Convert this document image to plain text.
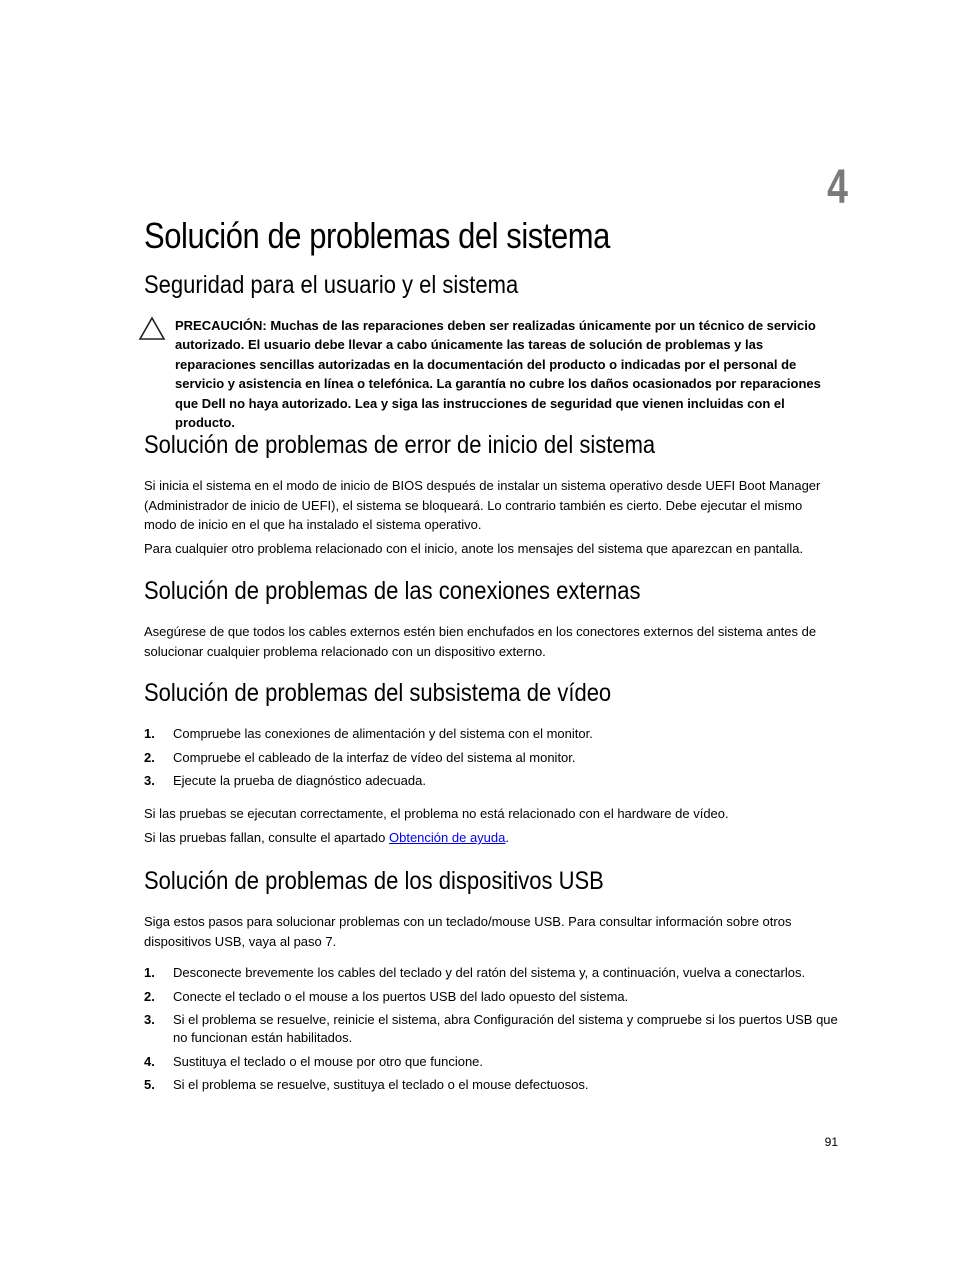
4
Solución de problemas del sistema
Seguridad para el usuario y el sistema
PRECAUCIÓN: Muchas de las reparaciones deben ser realizadas únicamente por un técnico de servicio autorizado. El usuario debe llevar a cabo únicamente las tareas de solución de problemas y las reparaciones sencillas autorizadas en la documentación del producto o indicadas por el personal de servicio y asistencia en línea o telefónica. La garantía no cubre los daños ocasionados por reparaciones que Dell no haya autorizado. Lea y siga las instrucciones de seguridad que vienen incluidas con el producto.
Solución de problemas de error de inicio del sistema

Si inicia el sistema en el modo de inicio de BIOS después de instalar un sistema operativo desde UEFI Boot Manager (Administrador de inicio de UEFI), el sistema se bloqueará. Lo contrario también es cierto. Debe ejecutar el mismo modo de inicio en el que ha instalado el sistema operativo.

Para cualquier otro problema relacionado con el inicio, anote los mensajes del sistema que aparezcan en pantalla.

Solución de problemas de las conexiones externas

Asegúrese de que todos los cables externos estén bien enchufados en los conectores externos del sistema antes de solucionar cualquier problema relacionado con un dispositivo externo.

Solución de problemas del subsistema de vídeo
1. Compruebe las conexiones de alimentación y del sistema con el monitor.
2. Compruebe el cableado de la interfaz de vídeo del sistema al monitor.
3. Ejecute la prueba de diagnóstico adecuada.

Si las pruebas se ejecutan correctamente, el problema no está relacionado con el hardware de vídeo.

Si las pruebas fallan, consulte el apartado Obtención de ayuda.

Solución de problemas de los dispositivos USB

Siga estos pasos para solucionar problemas con un teclado/mouse USB. Para consultar información sobre otros dispositivos USB, vaya al paso 7.

1. Desconecte brevemente los cables del teclado y del ratón del sistema y, a continuación, vuelva a conectarlos.
2. Conecte el teclado o el mouse a los puertos USB del lado opuesto del sistema.
3. Si el problema se resuelve, reinicie el sistema, abra Configuración del sistema y compruebe si los puertos USB que no funcionan están habilitados.
4. Sustituya el teclado o el mouse por otro que funcione.
5. Si el problema se resuelve, sustituya el teclado o el mouse defectuosos.
91
